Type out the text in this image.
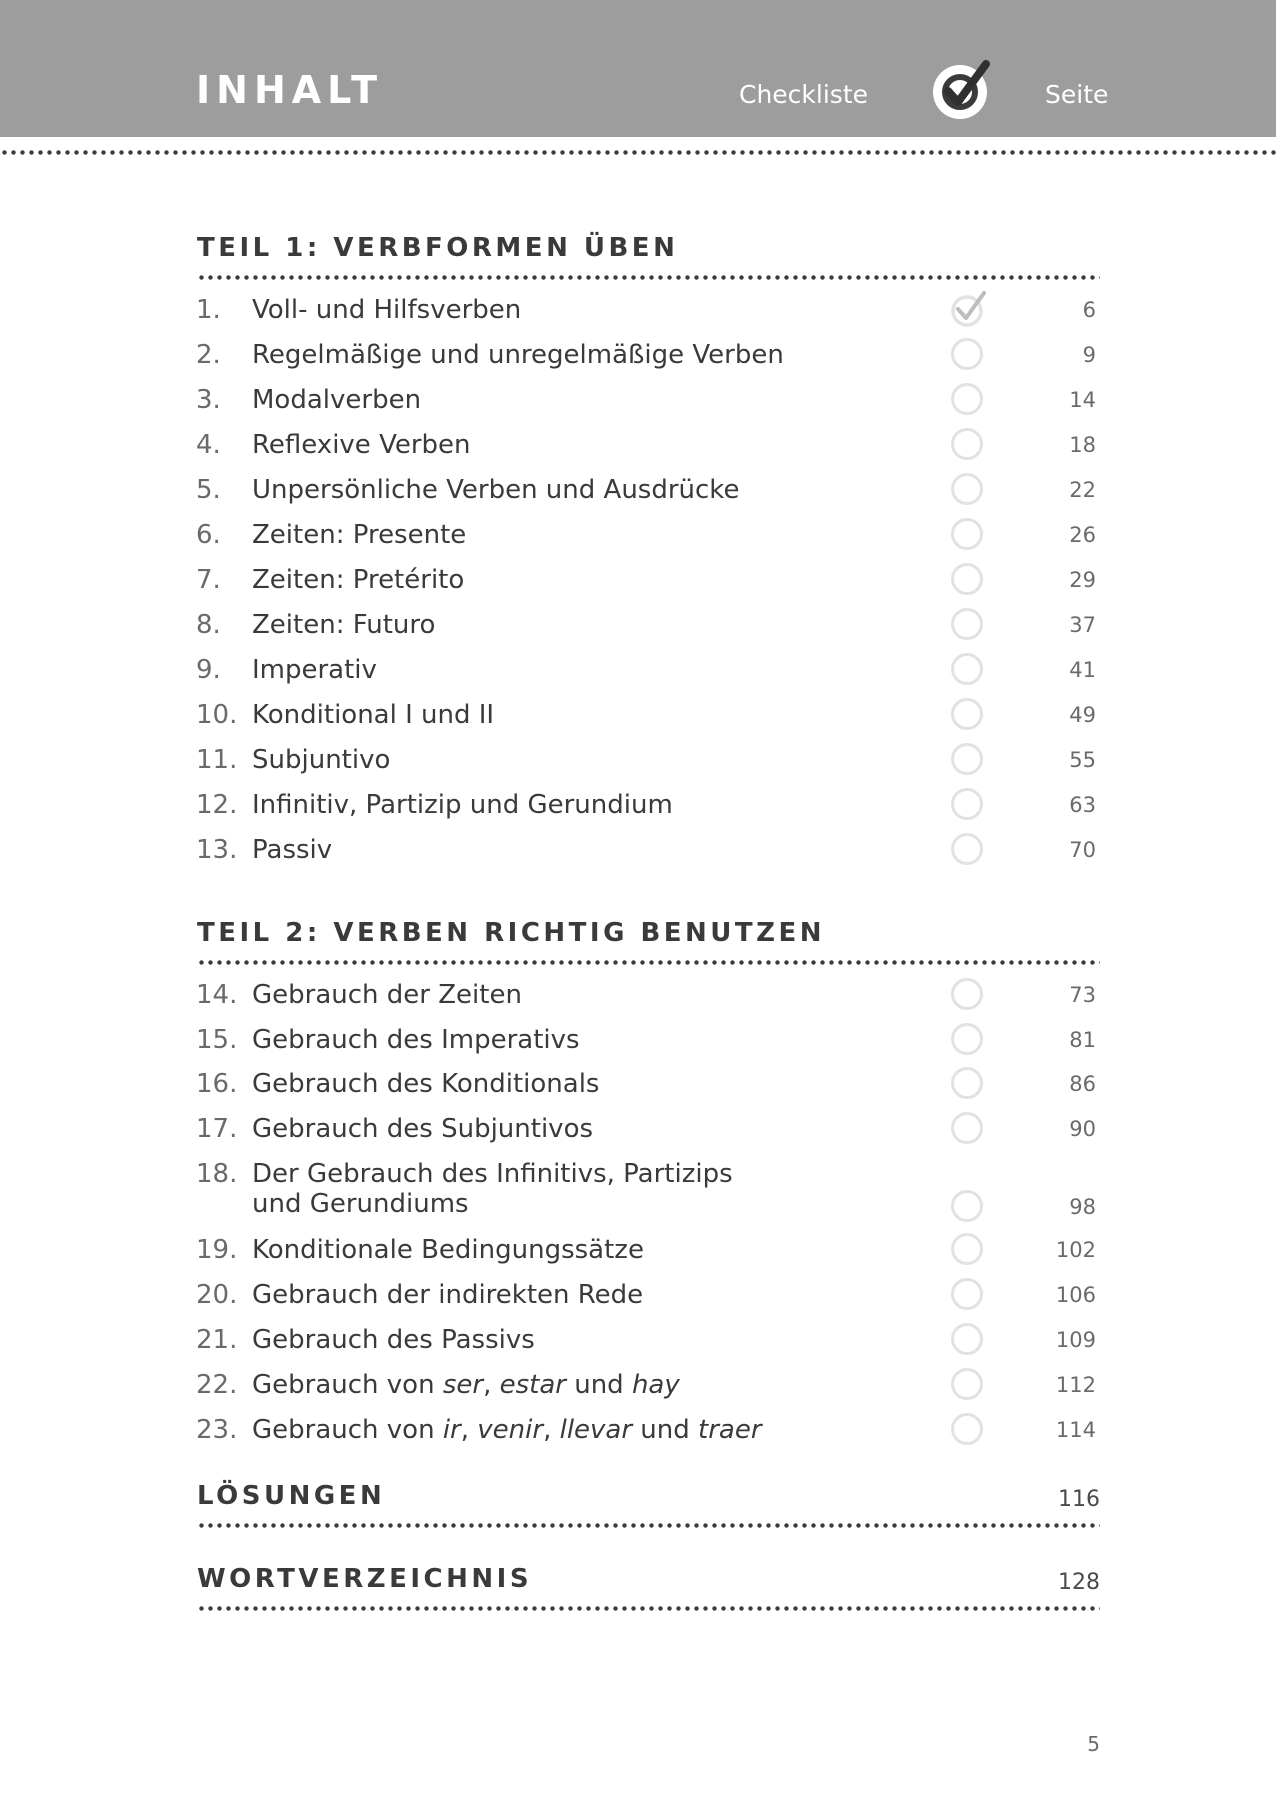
INHALT	Checkliste	Seite
TEIL 1: VERBFORMEN ÜBEN
1. Voll- und Hilfsverben	6
2. Regelmäßige und unregelmäßige Verben	9
3. Modalverben	14
4. Reflexive Verben	18
5. Unpersönliche Verben und Ausdrücke	22
6. Zeiten: Presente	26
7. Zeiten: Pretérito	29
8. Zeiten: Futuro	37
9. Imperativ	41
10. Konditional I und II	49
11. Subjuntivo	55
12. Infinitiv, Partizip und Gerundium	63
13. Passiv	70
TEIL 2: VERBEN RICHTIG BENUTZEN
14. Gebrauch der Zeiten	73
15. Gebrauch des Imperativs	81
16. Gebrauch des Konditionals	86
17. Gebrauch des Subjuntivos	90
18. Der Gebrauch des Infinitivs, Partizips
und Gerundiums	98
19. Konditionale Bedingungssätze	102
20. Gebrauch der indirekten Rede	106
21. Gebrauch des Passivs	109
22. Gebrauch von ser, estar und hay	112
23. Gebrauch von ir, venir, llevar und traer	114
LÖSUNGEN	116
WORTVERZEICHNIS	128
5
